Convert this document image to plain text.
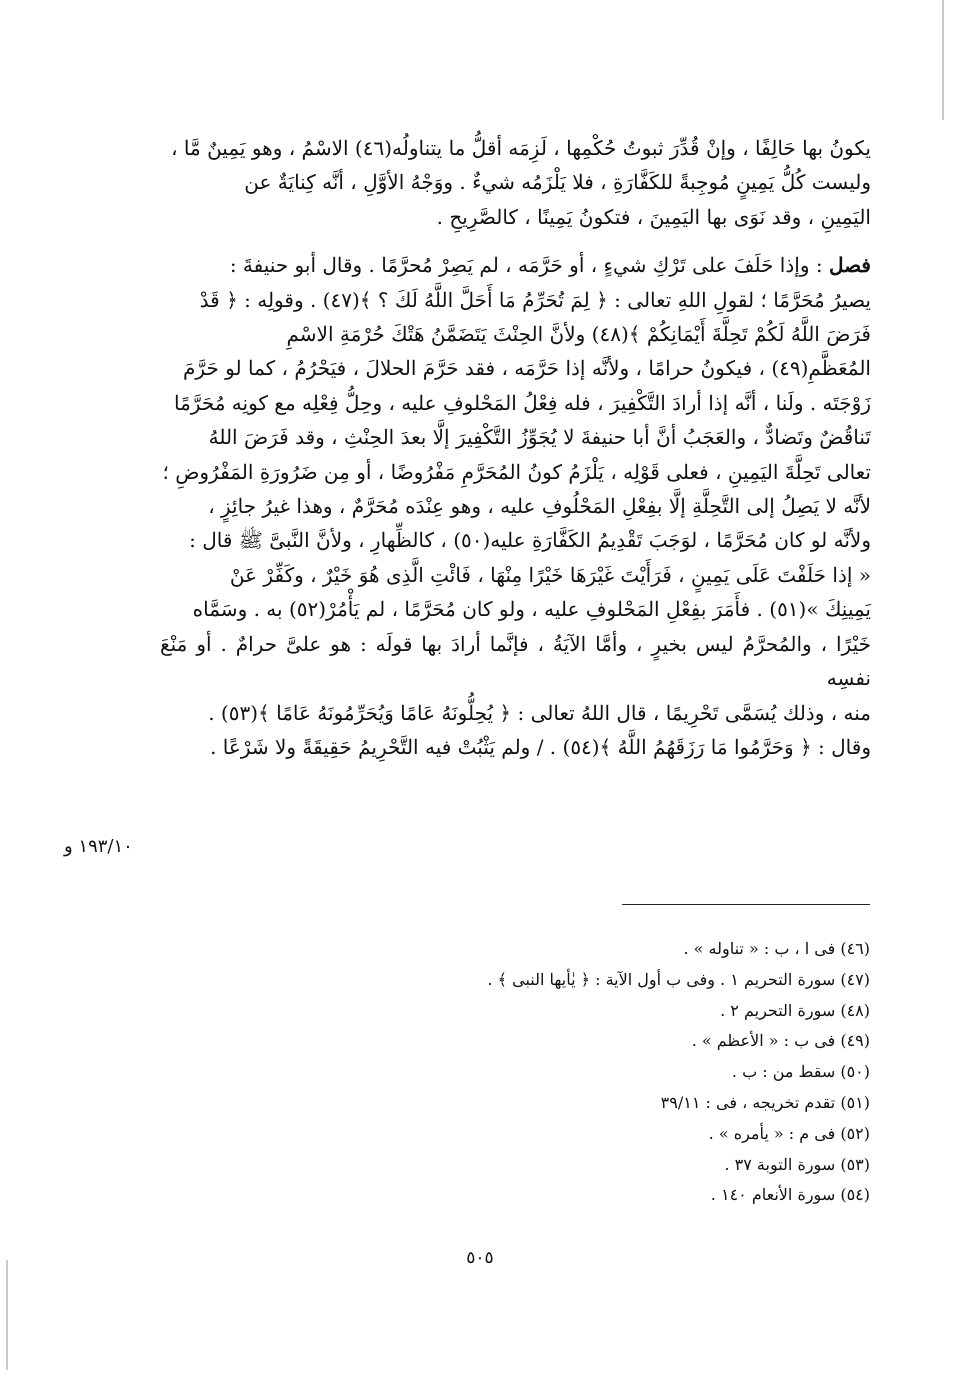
يكونُ بها حَالِفًا ، وإنْ قُدِّرَ ثبوتُ حُكْمِها ، لَزِمَه أقلُّ ما يتناولُه(٤٦) الاسْمُ ، وهو يَمِينٌ مَّا ،
وليست كُلُّ يَمِينٍ مُوجِبةً للكَفَّارَةِ ، فلا يَلْزَمُه شيءٌ . ووَجْهُ الأوَّلِ ، أنَّه كِنايَةٌ عن
اليَمِينِ ، وقد نَوَى بها اليَمِينَ ، فتكونُ يَمِينًا ، كالصَّرِيحِ .
فصل : وإذا حَلَفَ على تَرْكِ شيءٍ ، أو حَرَّمَه ، لم يَصِرْ مُحرَّمًا . وقال أبو حنيفةَ :
يصيرُ مُحَرَّمًا ؛ لقولِ اللهِ تعالى : ﴿ لِمَ تُحَرِّمُ مَا أَحَلَّ اللَّهُ لَكَ ؟ ﴾(٤٧) . وقولِه : ﴿ قَدْ
فَرَضَ اللَّهُ لَكُمْ تَحِلَّةَ أَيْمَانِكُمْ ﴾(٤٨) ولأنَّ الحِنْثَ يَتَضَمَّنُ هَتْكَ حُرْمَةِ الاسْمِ
المُعَظَّمِ(٤٩) ، فيكونُ حرامًا ، ولأنَّه إذا حَرَّمَه ، فقد حَرَّمَ الحلالَ ، فيَحْرُمُ ، كما لو حَرَّمَ
زَوْجَتَه . ولَنا ، أنَّه إذا أرادَ التَّكْفِيرَ ، فله فِعْلُ المَحْلوفِ عليه ، وحِلُّ فِعْلِه مع كونِه مُحَرَّمًا
تَناقُضٌ وتَضادٌّ ، والعَجَبُ أنَّ أبا حنيفةَ لا يُجَوِّزُ التَّكْفِيرَ إلَّا بعدَ الحِنْثِ ، وقد فَرَضَ اللهُ
تعالى تَحِلَّةَ اليَمِينِ ، فعلى قَوْلِه ، يَلْزَمُ كونُ المُحَرَّمِ مَفْرُوضًا ، أو مِن ضَرُورَةِ المَفْرُوضِ ؛
لأنَّه لا يَصِلُ إلى التَّحِلَّةِ إلَّا بفِعْلِ المَحْلُوفِ عليه ، وهو عِنْدَه مُحَرَّمٌ ، وهذا غيرُ جائِزٍ ،
ولأنَّه لو كان مُحَرَّمًا ، لوَجَبَ تَقْدِيمُ الكَفَّارَةِ عليه(٥٠) ، كالظِّهارِ ، ولأنَّ النَّبىَّ ﷺ قال :
« إذا حَلَفْتَ عَلَى يَمِينٍ ، فَرَأَيْتَ غَيْرَهَا خَيْرًا مِنْهَا ، فَائْتِ الَّذِى هُوَ خَيْرٌ ، وكَفِّرْ عَنْ
يَمِينِكَ »(٥١) . فأَمَرَ بفِعْلِ المَحْلوفِ عليه ، ولو كان مُحَرَّمًا ، لم يَأْمُرْ(٥٢) به . وسَمَّاه
خَيْرًا ، والمُحرَّمُ ليس بخيرٍ ، وأمَّا الآيَةُ ، فإنَّما أرادَ بها قولَه : هو علىَّ حرامٌ . أو مَنْعَ نفسِه
منه ، وذلك يُسَمَّى تَحْرِيمًا ، قال اللهُ تعالى : ﴿ يُحِلُّونَهُ عَامًا وَيُحَرِّمُونَهُ عَامًا ﴾(٥٣) .
وقال : ﴿ وَحَرَّمُوا مَا رَزَقَهُمُ اللَّهُ ﴾(٥٤) . / ولم يَثْبُتْ فيه التَّحْرِيمُ حَقِيقَةً ولا شَرْعًا .
١٩٣/١٠ و
(٤٦) فى ا ، ب : « تناوله » .
(٤٧) سورة التحريم ١ . وفى ب أول الآية : ﴿ يٰأيها النبى ﴾ .
(٤٨) سورة التحريم ٢ .
(٤٩) فى ب : « الأعظم » .
(٥٠) سقط من : ب .
(٥١) تقدم تخريجه ، فى : ٣٩/١١
(٥٢) فى م : « يأمره » .
(٥٣) سورة التوبة ٣٧ .
(٥٤) سورة الأنعام ١٤٠ .
٥٠٥
